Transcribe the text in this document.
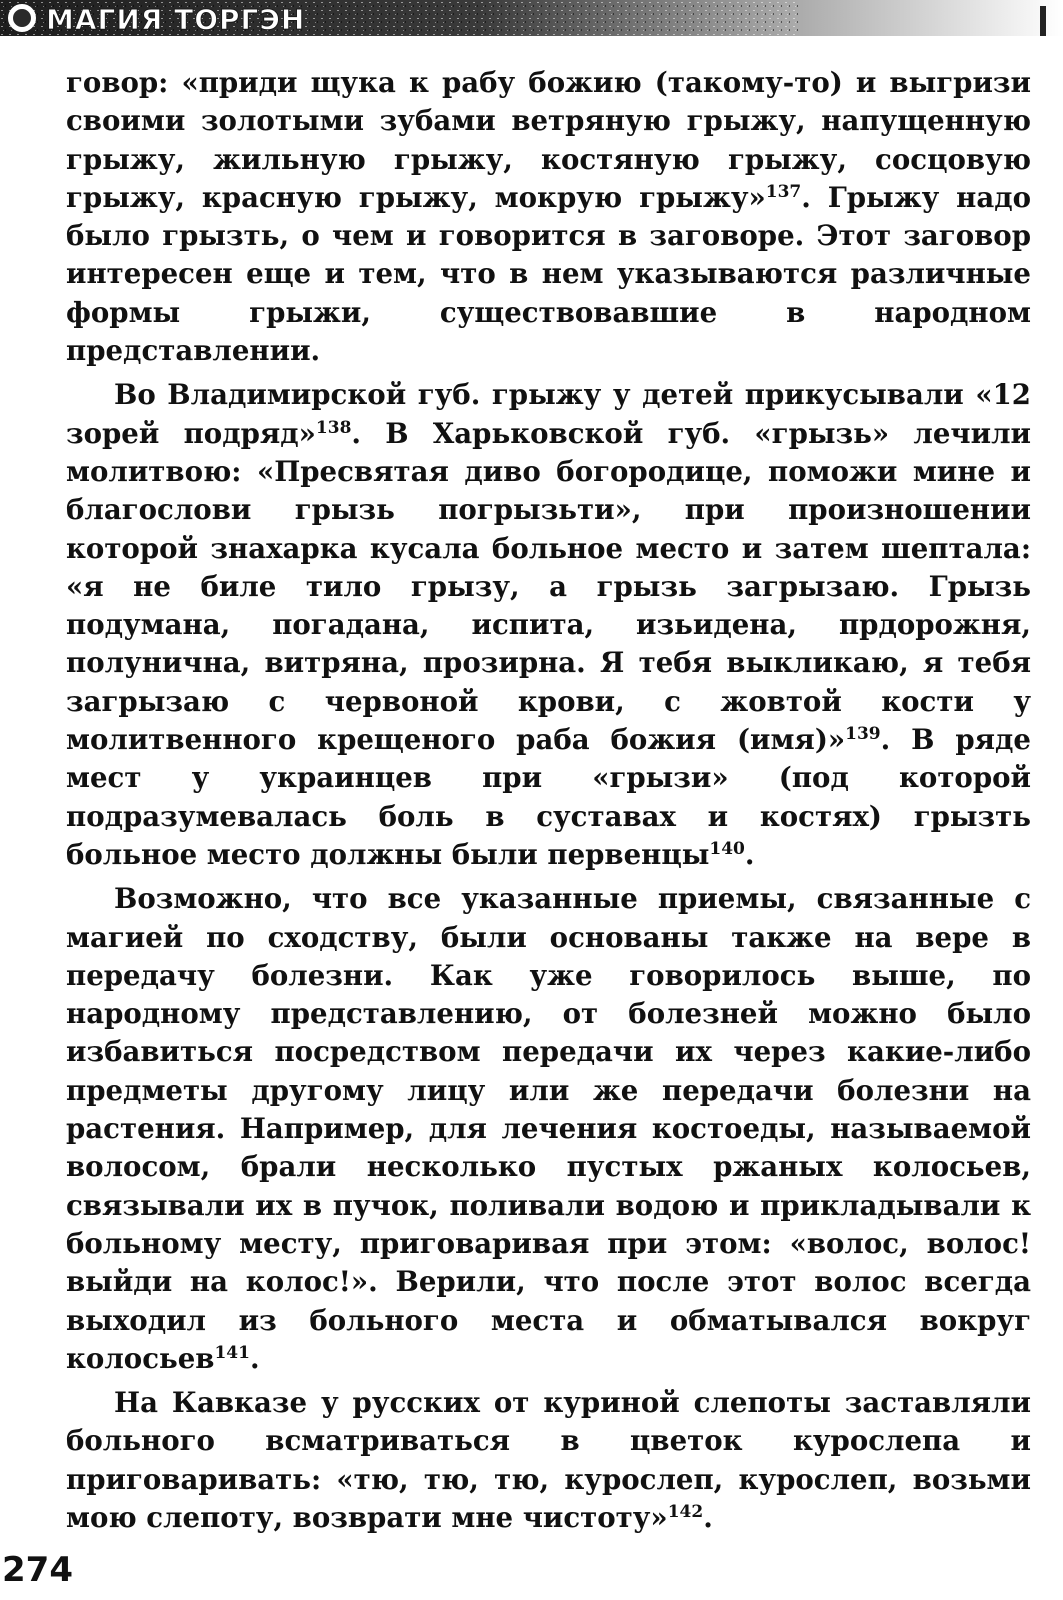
МАГИЯ ТОРГЭН

говор: «приди щука к рабу божию (такому-то) и выгризи своими золотыми зубами ветряную грыжу, напущенную грыжу, жильную грыжу, костяную грыжу, сосцовую грыжу, красную грыжу, мокрую грыжу»$^{137}$. Грыжу надо было грызть, о чем и говорится в заговоре. Этот заговор интересен еще и тем, что в нем указываются различные формы грыжи, существовавшие в народном представлении.

Во Владимирской губ. грыжу у детей прикусывали «12 зорей подряд»$^{138}$. В Харьковской губ. «грызь» лечили молитвою: «Пресвятая диво богородице, поможи мине и благослови грызь погрызьти», при произношении которой знахарка кусала больное место и затем шептала: «я не биле тило грызу, а грызь загрызаю. Грызь подумана, погадана, испита, изьидена, прдорожня, полунична, витряна, прозирна. Я тебя выкликаю, я тебя загрызаю с червоной крови, с жовтой кости у молитвенного крещеного раба божия (имя)»$^{139}$. В ряде мест у украинцев при «грызи» (под которой подразумевалась боль в суставах и костях) грызть больное место должны были первенцы$^{140}$.

Возможно, что все указанные приемы, связанные с магией по сходству, были основаны также на вере в передачу болезни. Как уже говорилось выше, по народному представлению, от болезней можно было избавиться посредством передачи их через какие-либо предметы другому лицу или же передачи болезни на растения. Например, для лечения костоеды, называемой волосом, брали несколько пустых ржаных колосьев, связывали их в пучок, поливали водою и прикладывали к больному месту, приговаривая при этом: «волос, волос! выйди на колос!». Верили, что после этот волос всегда выходил из больного места и обматывался вокруг колосьев$^{141}$.

На Кавказе у русских от куриной слепоты заставляли больного всматриваться в цветок курослепа и приговаривать: «тю, тю, тю, курослеп, курослеп, возьми мою слепоту, возврати мне чистоту»$^{142}$.

274
